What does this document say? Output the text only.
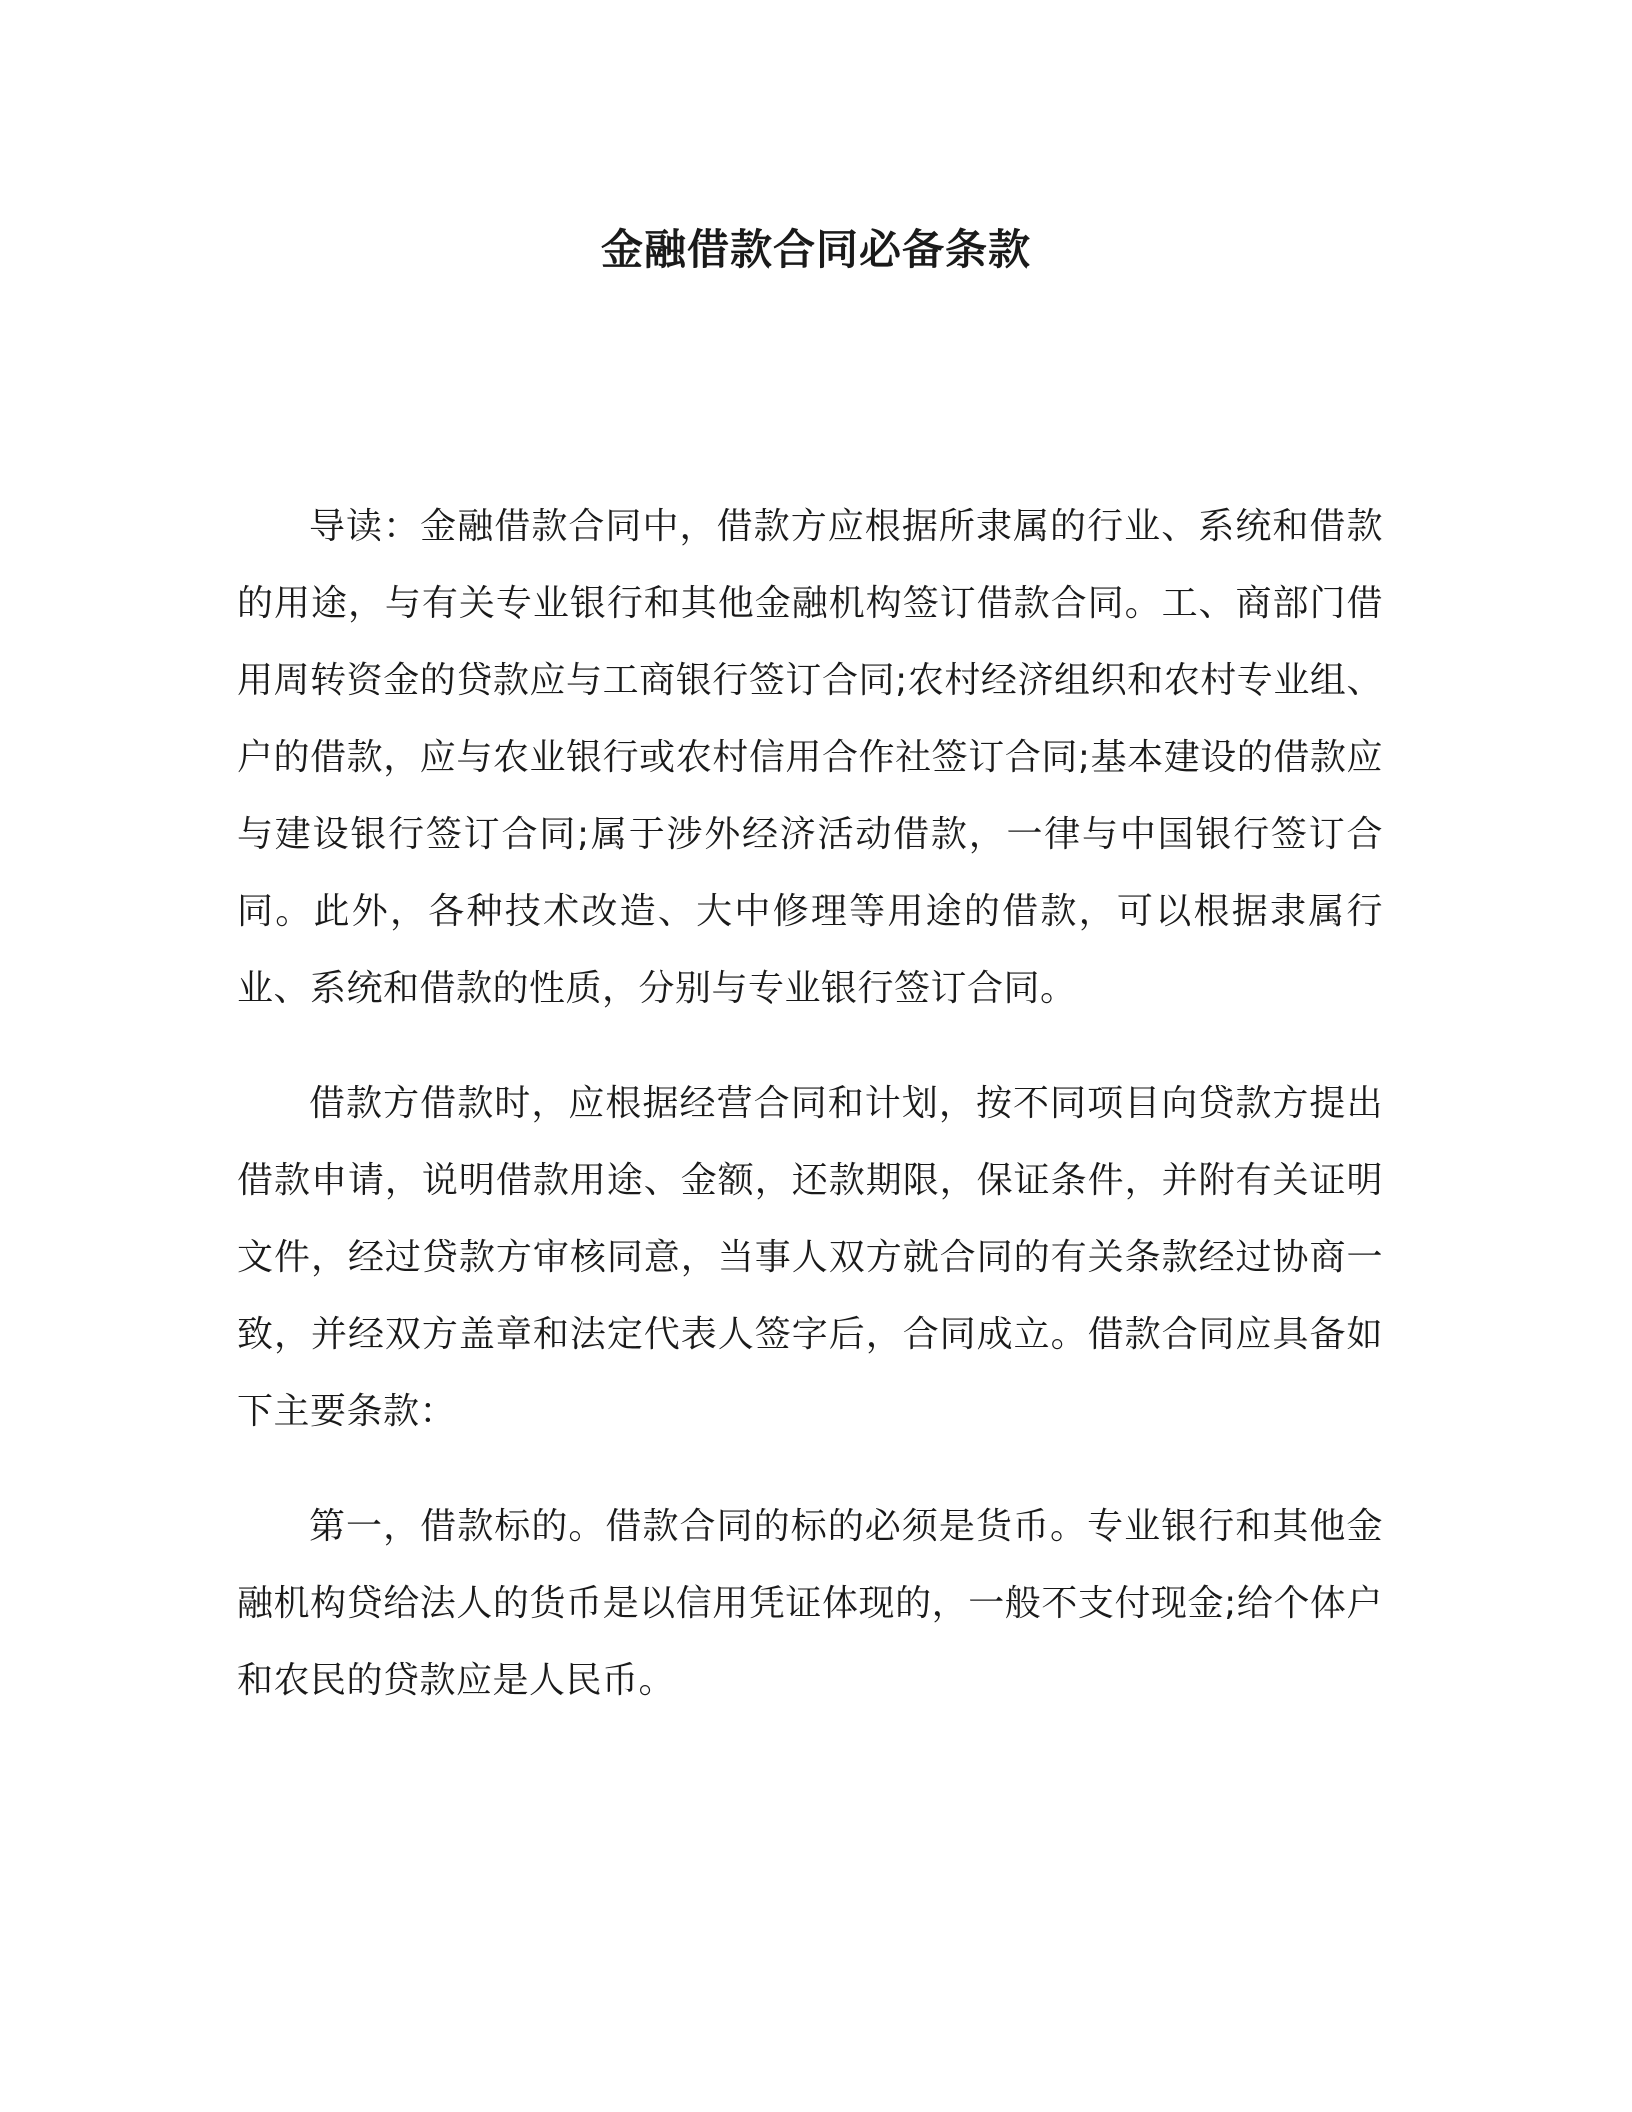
金融借款合同必备条款

导读：金融借款合同中，借款方应根据所隶属的行业、系统和借款的用途，与有关专业银行和其他金融机构签订借款合同。工、商部门借用周转资金的贷款应与工商银行签订合同;农村经济组织和农村专业组、户的借款，应与农业银行或农村信用合作社签订合同;基本建设的借款应与建设银行签订合同;属于涉外经济活动借款，一律与中国银行签订合同。此外，各种技术改造、大中修理等用途的借款，可以根据隶属行业、系统和借款的性质，分别与专业银行签订合同。

借款方借款时，应根据经营合同和计划，按不同项目向贷款方提出借款申请，说明借款用途、金额，还款期限，保证条件，并附有关证明文件，经过贷款方审核同意，当事人双方就合同的有关条款经过协商一致，并经双方盖章和法定代表人签字后，合同成立。借款合同应具备如下主要条款：

第一，借款标的。借款合同的标的必须是货币。专业银行和其他金融机构贷给法人的货币是以信用凭证体现的，一般不支付现金;给个体户和农民的贷款应是人民币。
